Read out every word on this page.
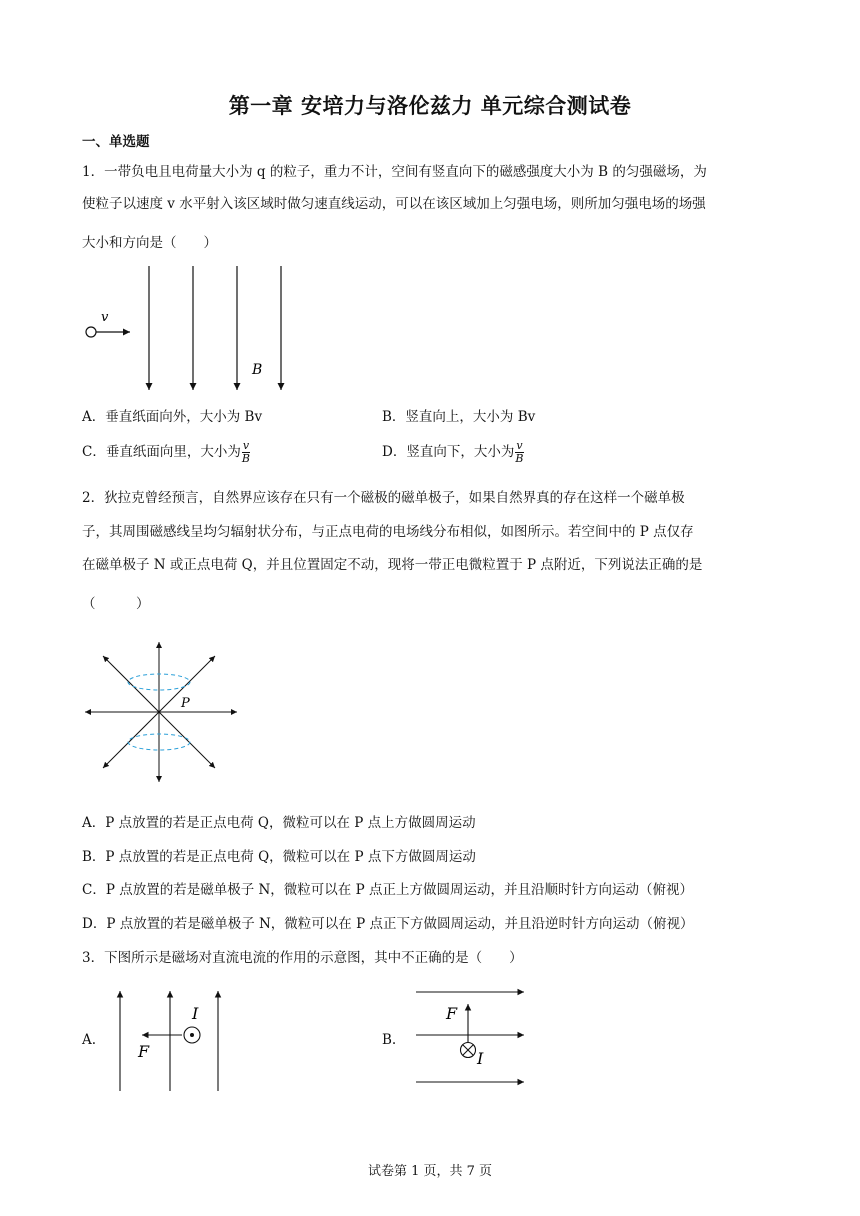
第一章 安培力与洛伦兹力 单元综合测试卷
一、单选题
1．一带负电且电荷量大小为 q 的粒子，重力不计，空间有竖直向下的磁感强度大小为 B 的匀强磁场，为
使粒子以速度 v 水平射入该区域时做匀速直线运动，可以在该区域加上匀强电场，则所加匀强电场的场强
大小和方向是（　　）
v
B
A．垂直纸面向外，大小为 Bv	B．竖直向上，大小为 Bv
C．垂直纸面向里，大小为 $\frac{v}{B}$	D．竖直向下，大小为 $\frac{v}{B}$
2．狄拉克曾经预言，自然界应该存在只有一个磁极的磁单极子，如果自然界真的存在这样一个磁单极
子，其周围磁感线呈均匀辐射状分布，与正点电荷的电场线分布相似，如图所示。若空间中的 P 点仅存
在磁单极子 N 或正点电荷 Q，并且位置固定不动，现将一带正电微粒置于 P 点附近，下列说法正确的是
（　　　）
P
A．P 点放置的若是正点电荷 Q，微粒可以在 P 点上方做圆周运动
B．P 点放置的若是正点电荷 Q，微粒可以在 P 点下方做圆周运动
C．P 点放置的若是磁单极子 N，微粒可以在 P 点正上方做圆周运动，并且沿顺时针方向运动（俯视）
D．P 点放置的若是磁单极子 N，微粒可以在 P 点正下方做圆周运动，并且沿逆时针方向运动（俯视）
3．下图所示是磁场对直流电流的作用的示意图，其中不正确的是（　　）
A.
I
F
B.
F
I
试卷第 1 页，共 7 页
